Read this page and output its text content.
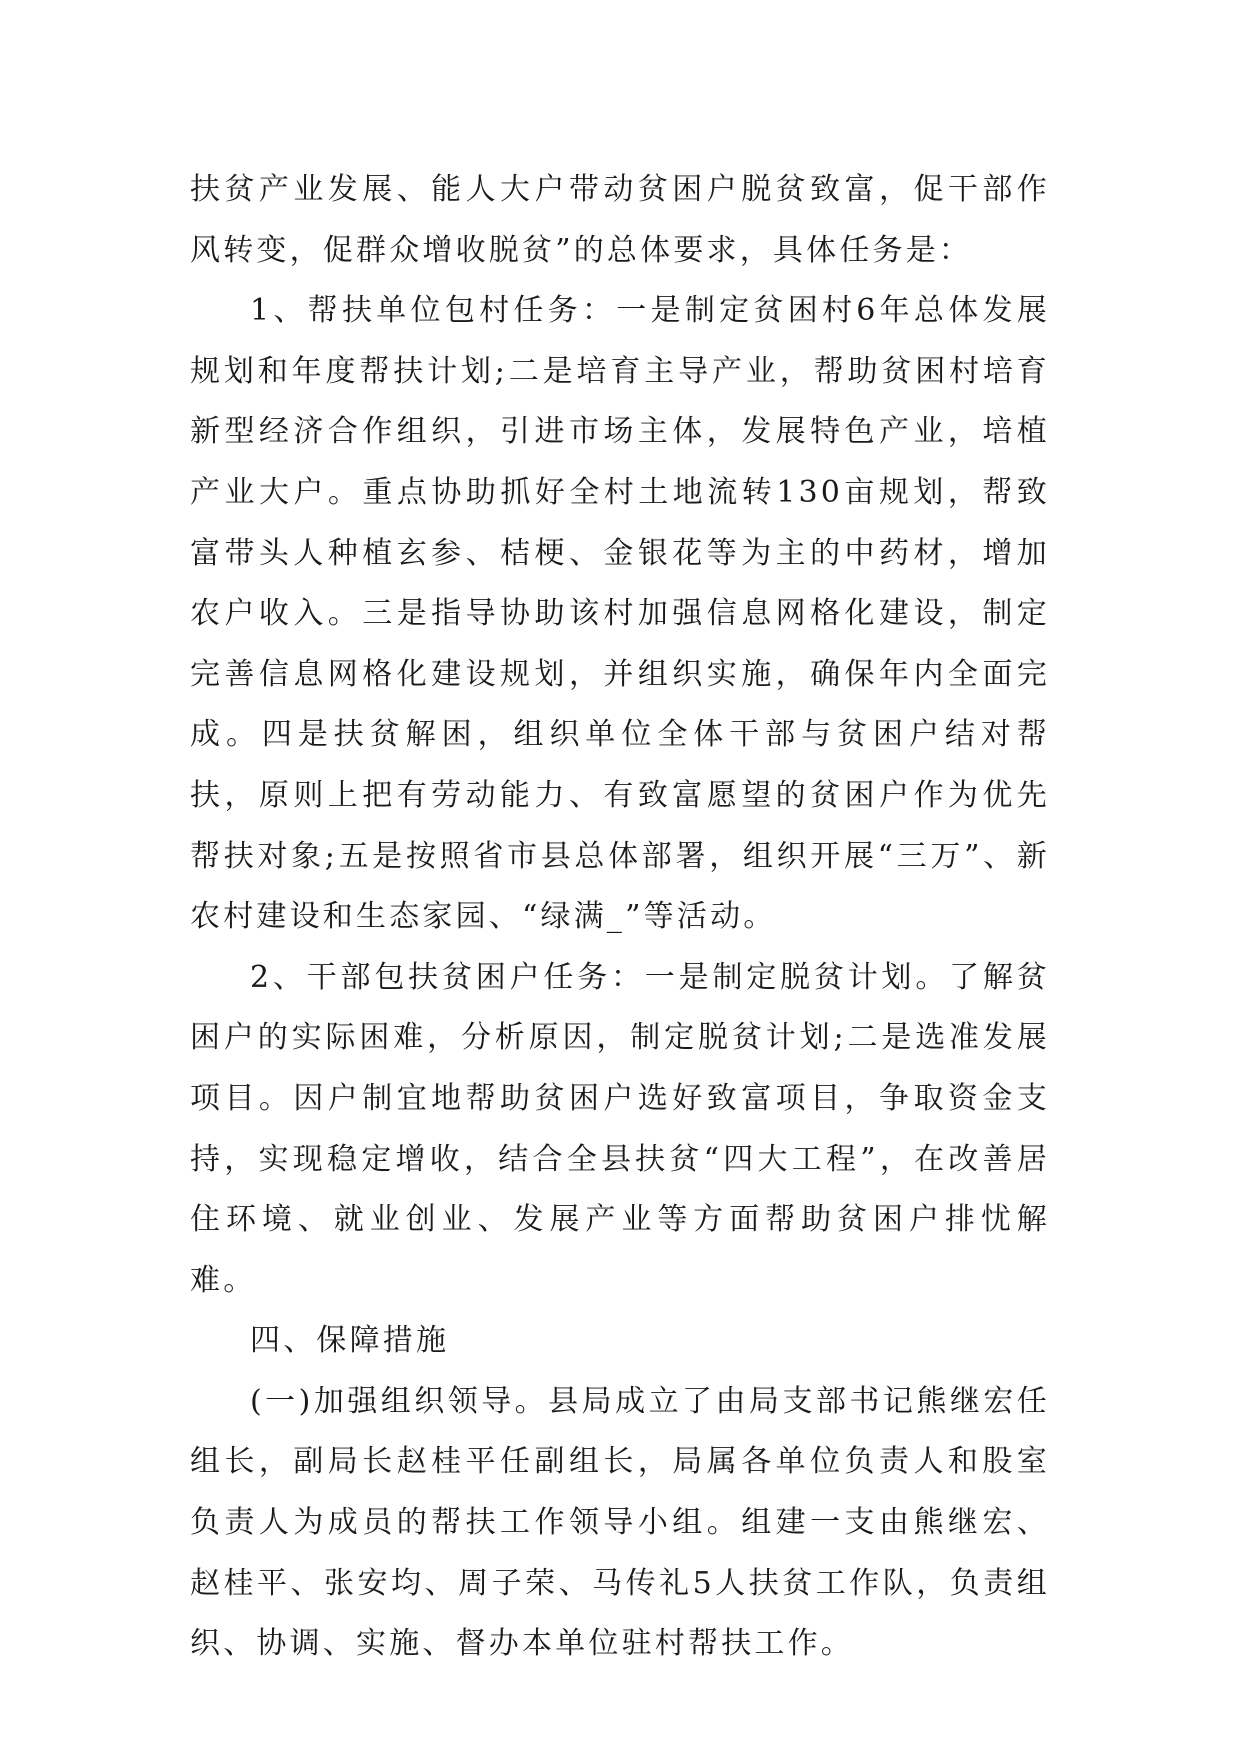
扶贫产业发展、能人大户带动贫困户脱贫致富，促干部作风转变，促群众增收脱贫”的总体要求，具体任务是：

1、帮扶单位包村任务：一是制定贫困村6年总体发展规划和年度帮扶计划;二是培育主导产业，帮助贫困村培育新型经济合作组织，引进市场主体，发展特色产业，培植产业大户。重点协助抓好全村土地流转130亩规划，帮致富带头人种植玄参、桔梗、金银花等为主的中药材，增加农户收入。三是指导协助该村加强信息网格化建设，制定完善信息网格化建设规划，并组织实施，确保年内全面完成。四是扶贫解困，组织单位全体干部与贫困户结对帮扶，原则上把有劳动能力、有致富愿望的贫困户作为优先帮扶对象;五是按照省市县总体部署，组织开展“三万”、新农村建设和生态家园、“绿满_”等活动。

2、干部包扶贫困户任务：一是制定脱贫计划。了解贫困户的实际困难，分析原因，制定脱贫计划;二是选准发展项目。因户制宜地帮助贫困户选好致富项目，争取资金支持，实现稳定增收，结合全县扶贫“四大工程”，在改善居住环境、就业创业、发展产业等方面帮助贫困户排忧解难。

四、保障措施

(一)加强组织领导。县局成立了由局支部书记熊继宏任组长，副局长赵桂平任副组长，局属各单位负责人和股室负责人为成员的帮扶工作领导小组。组建一支由熊继宏、赵桂平、张安均、周子荣、马传礼5人扶贫工作队，负责组织、协调、实施、督办本单位驻村帮扶工作。
